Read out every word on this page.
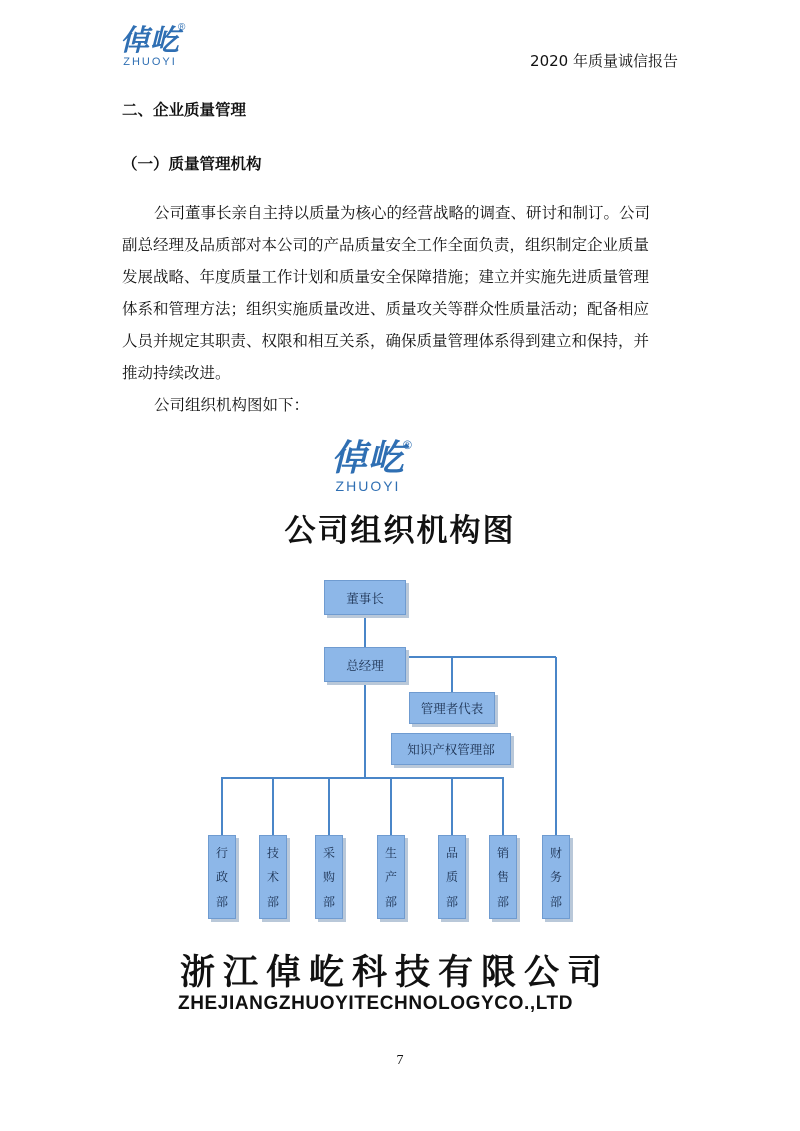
倬屹
ZHUOYI
®
2020 年质量诚信报告
二、企业质量管理
（一）质量管理机构
公司董事长亲自主持以质量为核心的经营战略的调查、研讨和制订。公司
副总经理及品质部对本公司的产品质量安全工作全面负责，组织制定企业质量
发展战略、年度质量工作计划和质量安全保障措施；建立并实施先进质量管理
体系和管理方法；组织实施质量改进、质量攻关等群众性质量活动；配备相应
人员并规定其职责、权限和相互关系，确保质量管理体系得到建立和保持，并
推动持续改进。
公司组织机构图如下：
倬屹
ZHUOYI
®
公司组织机构图
董事长
总经理
管理者代表
知识产权管理部
行
政
部
技
术
部
采
购
部
生
产
部
品
质
部
销
售
部
财
务
部
浙江倬屹科技有限公司
ZHEJIANGZHUOYITECHNOLOGYCO.,LTD
7
